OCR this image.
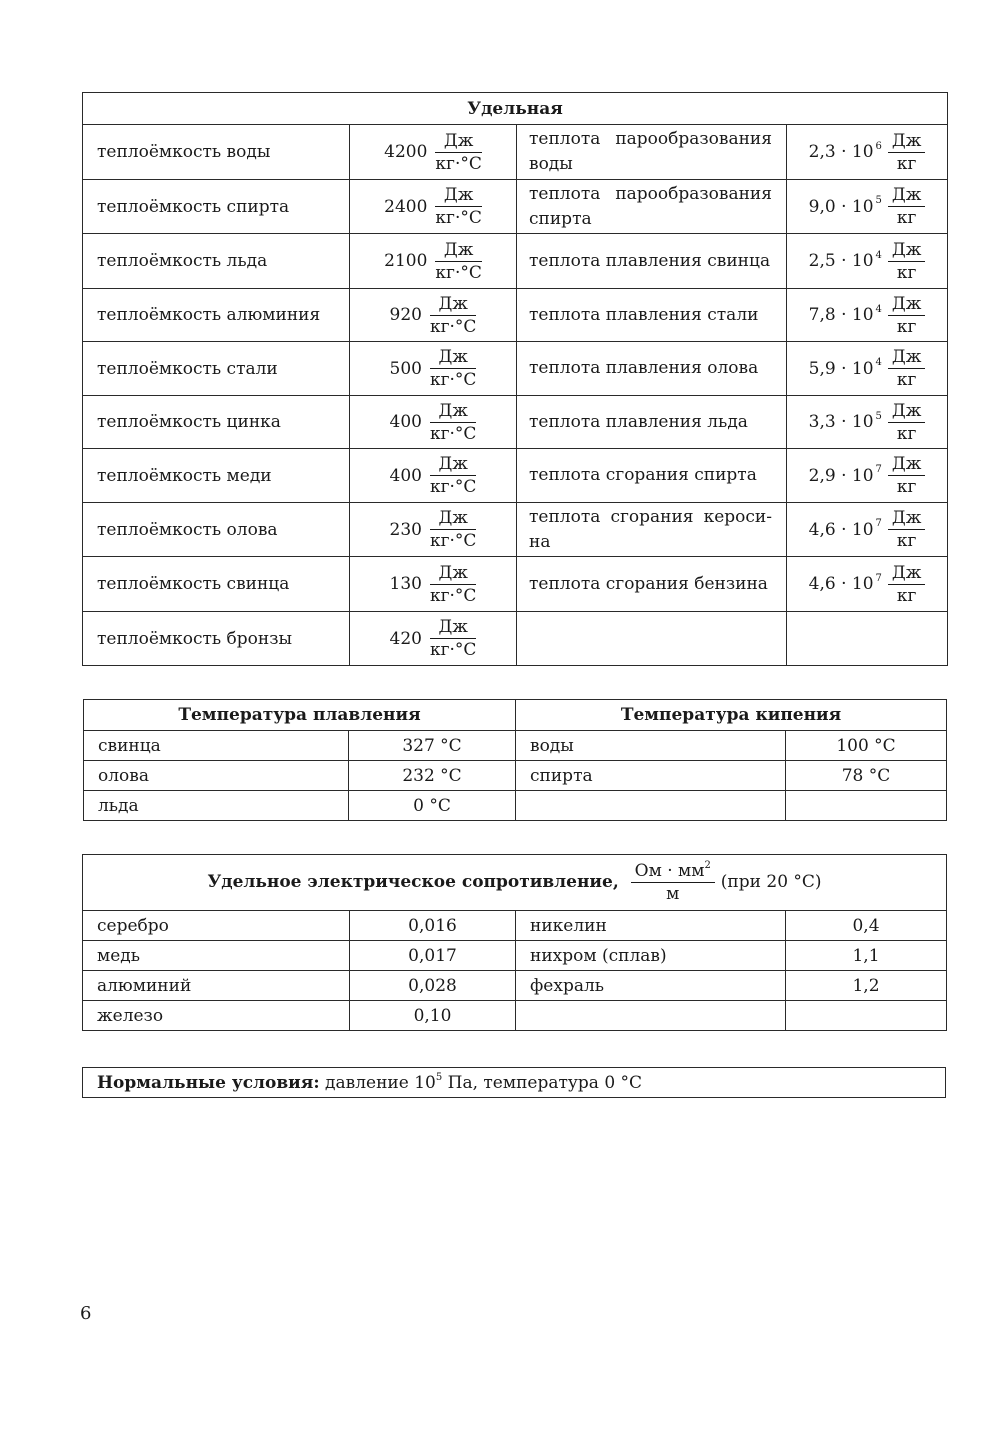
Удельная			
теплоёмкость воды	$4200 \frac{Дж}{кг\cdot^\circ С}$	теплота парообразования воды	2,3 · 10 $^6 \frac{Дж}{кг}$

теплоёмкость спирта	$2400 \frac{Дж}{кг\cdot^\circ С}$	теплота парообразования спирта	9,0 · 10 $^5 \frac{Дж}{кг}$

теплоёмкость льда	$2100 \frac{Дж}{кг\cdot^\circ С}$	теплота плавления свинца	2,5 · 10 $^4 \frac{Дж}{кг}$

теплоёмкость алюминия	$920 \frac{Дж}{кг\cdot^\circ С}$	теплота плавления стали	7,8 · 10 $^4 \frac{Дж}{кг}$

теплоёмкость стали	$500 \frac{Дж}{кг\cdot^\circ С}$	теплота плавления олова	5,9 · 10 $^4 \frac{Дж}{кг}$

теплоёмкость цинка	$400 \frac{Дж}{кг\cdot^\circ С}$	теплота плавления льда	3,3 · 10 $^5 \frac{Дж}{кг}$

теплоёмкость меди	$400 \frac{Дж}{кг\cdot^\circ С}$	теплота сгорания спирта	2,9 · 10 $^7 \frac{Дж}{кг}$

теплоёмкость олова	$230 \frac{Дж}{кг\cdot^\circ С}$	теплота сгорания кероси-на	4,6 · 10 $^7 \frac{Дж}{кг}$

теплоёмкость свинца	$130 \frac{Дж}{кг\cdot^\circ С}$	теплота сгорания бензина	4,6 · 10 $^7 \frac{Дж}{кг}$

теплоёмкость бронзы	$420 \frac{Дж}{кг\cdot^\circ С}$

Температура плавления		Температура кипения	
свинца	327 °С	воды	100 °С
олова	232 °С	спирта	78 °С
льда	0 °С		
Удельное электрическое сопротивление, $\frac{Ом \cdot мм^2}{м} (при$ 20 °С)			
серебро	0,016	никелин	0,4
медь	0,017	нихром (сплав)	1,1
алюминий	0,028	фехраль	1,2
железо	0,10		
Нормальные условия: давление $10^5$ Па, температура 0 °С
6
